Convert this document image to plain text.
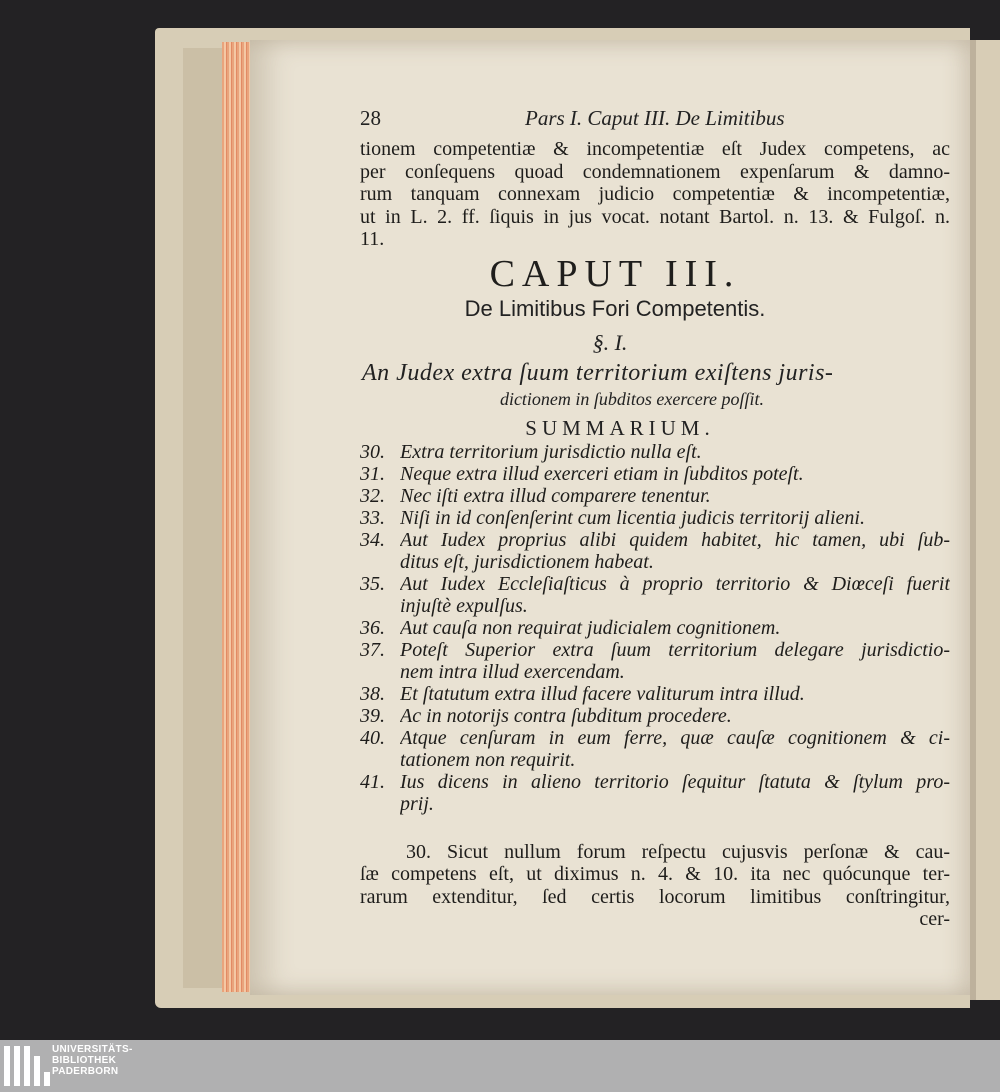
28	Pars I. Caput III. De Limitibus
tionem competentiæ & incompetentiæ eſt Judex competens, ac
per conſequens quoad condemnationem expenſarum & damno-
rum tanquam connexam judicio competentiæ & incompetentiæ,
ut in L. 2. ff. ſiquis in jus vocat. notant Bartol. n. 13. & Fulgoſ. n.
11.
CAPUT III.
De Limitibus Fori Competentis.
§. I.
An Judex extra ſuum territorium exiſtens juris-
dictionem in ſubditos exercere poſſit.
SUMMARIUM.
30. Extra territorium jurisdictio nulla eſt.
31. Neque extra illud exerceri etiam in ſubditos poteſt.
32. Nec iſti extra illud comparere tenentur.
33. Niſi in id conſenſerint cum licentia judicis territorij alieni.
34. Aut Iudex proprius alibi quidem habitet, hic tamen, ubi ſub-
ditus eſt, jurisdictionem habeat.
35. Aut Iudex Eccleſiaſticus à proprio territorio & Diœceſi fuerit
injuſtè expulſus.
36. Aut cauſa non requirat judicialem cognitionem.
37. Poteſt Superior extra ſuum territorium delegare jurisdictio-
nem intra illud exercendam.
38. Et ſtatutum extra illud facere valiturum intra illud.
39. Ac in notorijs contra ſubditum procedere.
40. Atque cenſuram in eum ferre, quæ cauſæ cognitionem & ci-
tationem non requirit.
41. Ius dicens in alieno territorio ſequitur ſtatuta & ſtylum pro-
prij.
30. Sicut nullum forum reſpectu cujusvis perſonæ & cau-
ſæ competens eſt, ut diximus n. 4. & 10. ita nec quócunque ter-
rarum extenditur, ſed certis locorum limitibus conſtringitur,
cer-
UNIVERSITÄTS-
BIBLIOTHEK
PADERBORN
